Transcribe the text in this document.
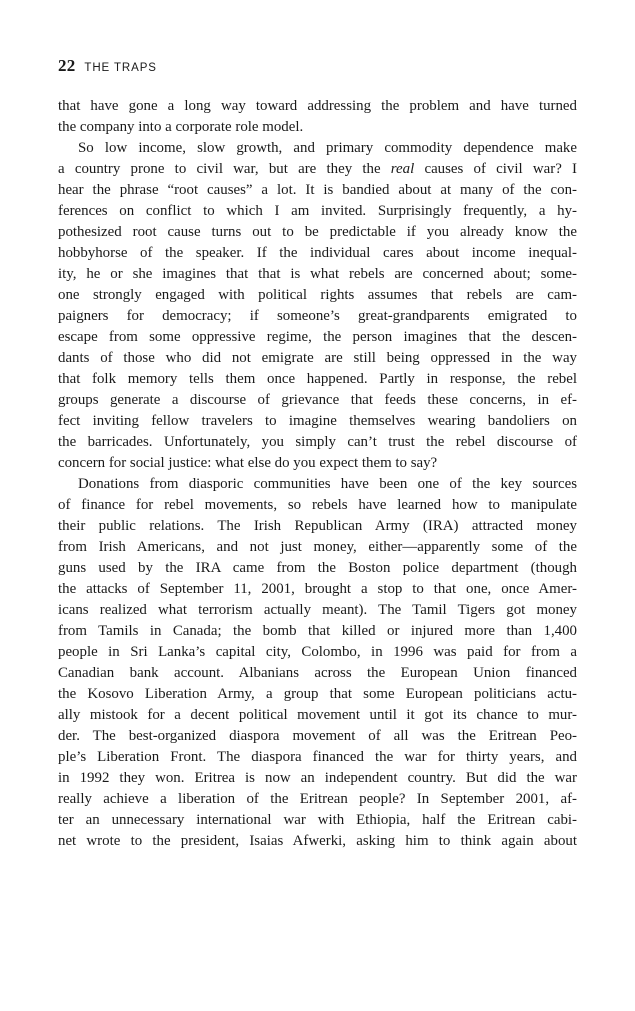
22 THE TRAPS
that have gone a long way toward addressing the problem and have turned
the company into a corporate role model.
So low income, slow growth, and primary commodity dependence make
a country prone to civil war, but are they the real causes of civil war? I
hear the phrase “root causes” a lot. It is bandied about at many of the con-
ferences on conflict to which I am invited. Surprisingly frequently, a hy-
pothesized root cause turns out to be predictable if you already know the
hobbyhorse of the speaker. If the individual cares about income inequal-
ity, he or she imagines that that is what rebels are concerned about; some-
one strongly engaged with political rights assumes that rebels are cam-
paigners for democracy; if someone’s great-grandparents emigrated to
escape from some oppressive regime, the person imagines that the descen-
dants of those who did not emigrate are still being oppressed in the way
that folk memory tells them once happened. Partly in response, the rebel
groups generate a discourse of grievance that feeds these concerns, in ef-
fect inviting fellow travelers to imagine themselves wearing bandoliers on
the barricades. Unfortunately, you simply can’t trust the rebel discourse of
concern for social justice: what else do you expect them to say?
Donations from diasporic communities have been one of the key sources
of finance for rebel movements, so rebels have learned how to manipulate
their public relations. The Irish Republican Army (IRA) attracted money
from Irish Americans, and not just money, either—apparently some of the
guns used by the IRA came from the Boston police department (though
the attacks of September 11, 2001, brought a stop to that one, once Amer-
icans realized what terrorism actually meant). The Tamil Tigers got money
from Tamils in Canada; the bomb that killed or injured more than 1,400
people in Sri Lanka’s capital city, Colombo, in 1996 was paid for from a
Canadian bank account. Albanians across the European Union financed
the Kosovo Liberation Army, a group that some European politicians actu-
ally mistook for a decent political movement until it got its chance to mur-
der. The best-organized diaspora movement of all was the Eritrean Peo-
ple’s Liberation Front. The diaspora financed the war for thirty years, and
in 1992 they won. Eritrea is now an independent country. But did the war
really achieve a liberation of the Eritrean people? In September 2001, af-
ter an unnecessary international war with Ethiopia, half the Eritrean cabi-
net wrote to the president, Isaias Afwerki, asking him to think again about
